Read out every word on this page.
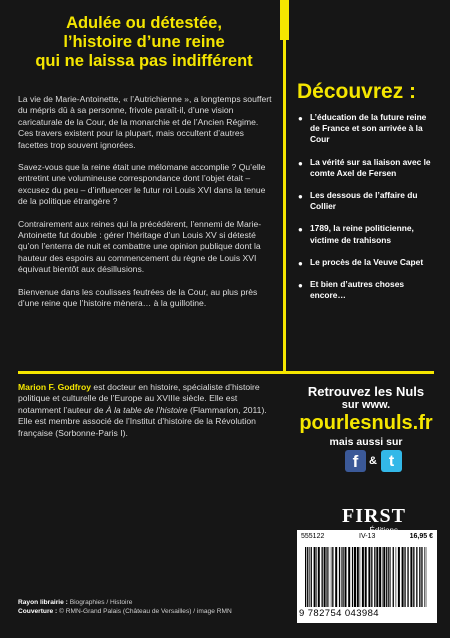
Adulée ou détestée,
l’histoire d’une reine
qui ne laissa pas indifférent

La vie de Marie-Antoinette, « l’Autrichienne », a longtemps souffert du mépris dû à sa personne, frivole paraît-il, d’une vision caricaturale de la Cour, de la monarchie et de l’Ancien Régime. Ces travers existent pour la plupart, mais occultent d’autres facettes trop souvent ignorées.

Savez-vous que la reine était une mélomane accomplie ? Qu’elle entretint une volumineuse correspondance dont l’objet était – excusez du peu – d’influencer le futur roi Louis XVI dans la tenue de la politique étrangère ?

Contrairement aux reines qui la précédèrent, l’ennemi de Marie-Antoinette fut double : gérer l’héritage d’un Louis XV si détesté qu’on l’enterra de nuit et combattre une opinion publique dont la hauteur des espoirs au commencement du règne de Louis XVI équivaut bientôt aux désillusions.

Bienvenue dans les coulisses feutrées de la Cour, au plus près d’une reine que l’histoire mènera… à la guillotine.

Découvrez :
● L’éducation de la future reine de France et son arrivée à la Cour
● La vérité sur sa liaison avec le comte Axel de Fersen
● Les dessous de l’affaire du Collier
● 1789, la reine politicienne, victime de trahisons
● Le procès de la Veuve Capet
● Et bien d’autres choses encore…

Marion F. Godfroy est docteur en histoire, spécialiste d’histoire politique et culturelle de l’Europe au XVIIIe siècle. Elle est notamment l’auteur de À la table de l’histoire (Flammarion, 2011). Elle est membre associé de l’Institut d’histoire de la Révolution française (Sorbonne-Paris I).

Retrouvez les Nuls
sur www.
pourlesnuls.fr
mais aussi sur
f & t
FIRST
555122	IV-13	16,95 €
9 782754 043984
Rayon librairie : Biographies / Histoire
Couverture : © RMN-Grand Palais (Château de Versailles) / image RMN
